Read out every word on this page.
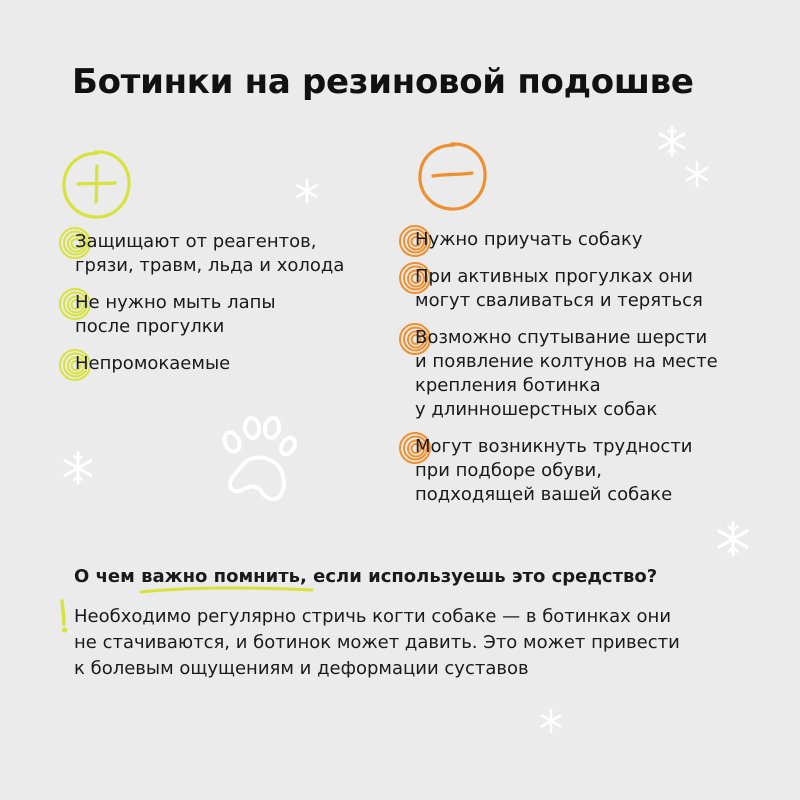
Ботинки на резиновой подошве
Защищают от реагентов,
грязи, травм, льда и холода
Не нужно мыть лапы
после прогулки
Непромокаемые
Нужно приучать собаку
При активных прогулках они
могут сваливаться и теряться
Возможно спутывание шерсти
и появление колтунов на месте
крепления ботинка
у длинношерстных собак
Могут возникнуть трудности
при подборе обуви,
подходящей вашей собаке
О чем важно помнить
, если используешь это средство?
Необходимо регулярно стричь когти собаке — в ботинках они
не стачиваются, и ботинок может давить. Это может привести
к болевым ощущениям и деформации суставов
